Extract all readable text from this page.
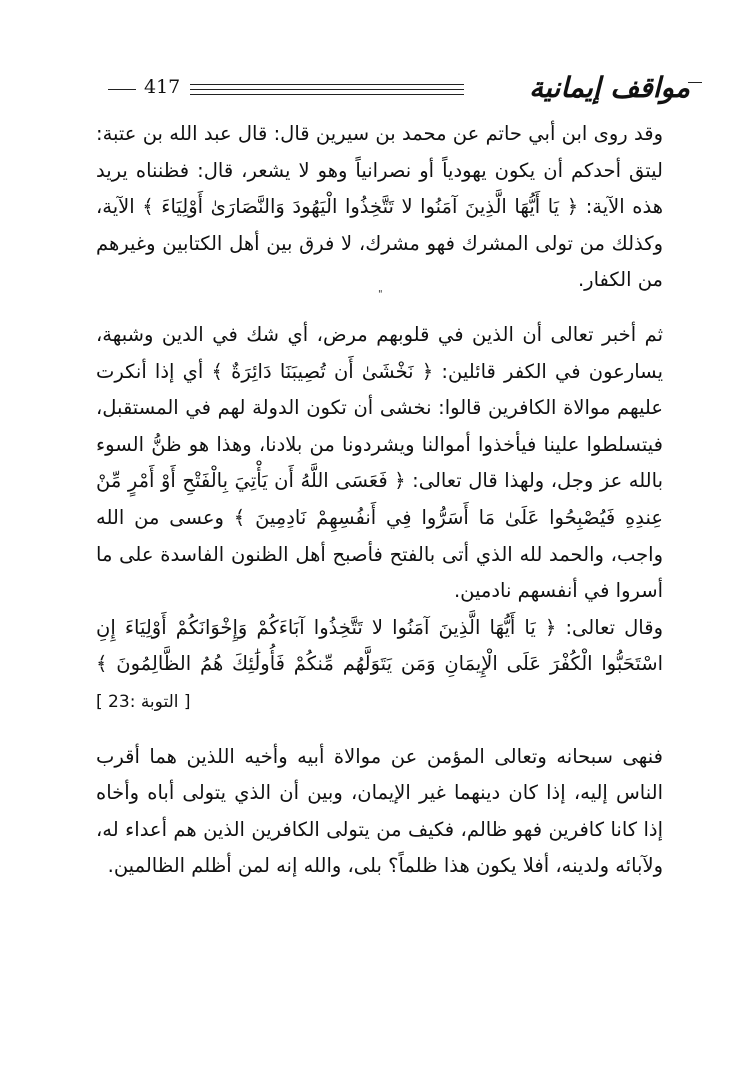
مواقف إيمانية
417

وقد روى ابن أبي حاتم عن محمد بن سيرين قال: قال عبد الله بن عتبة: ليتق أحدكم أن يكون يهودياً أو نصرانياً وهو لا يشعر، قال: فظنناه يريد هذه الآية: ﴿ يَا أَيُّهَا الَّذِينَ آمَنُوا لا تَتَّخِذُوا الْيَهُودَ وَالنَّصَارَىٰ أَوْلِيَاءَ ﴾ الآية، وكذلك من تولى المشرك فهو مشرك، لا فرق بين أهل الكتابين وغيرهم من الكفار.

ثم أخبر تعالى أن الذين في قلوبهم مرض، أي شك في الدين وشبهة، يسارعون في الكفر قائلين: ﴿ نَخْشَىٰ أَن تُصِيبَنَا دَائِرَةٌ ﴾ أي إذا أنكرت عليهم موالاة الكافرين قالوا: نخشى أن تكون الدولة لهم في المستقبل، فيتسلطوا علينا فيأخذوا أموالنا ويشردونا من بلادنا، وهذا هو ظنُّ السوء بالله عز وجل، ولهذا قال تعالى: ﴿ فَعَسَى اللَّهُ أَن يَأْتِيَ بِالْفَتْحِ أَوْ أَمْرٍ مِّنْ عِندِهِ فَيُصْبِحُوا عَلَىٰ مَا أَسَرُّوا فِي أَنفُسِهِمْ نَادِمِينَ ﴾ وعسى من الله واجب، والحمد لله الذي أتى بالفتح فأصبح أهل الظنون الفاسدة على ما أسروا في أنفسهم نادمين.

وقال تعالى: ﴿ يَا أَيُّهَا الَّذِينَ آمَنُوا لا تَتَّخِذُوا آبَاءَكُمْ وَإِخْوَانَكُمْ أَوْلِيَاءَ إِنِ اسْتَحَبُّوا الْكُفْرَ عَلَى الْإِيمَانِ وَمَن يَتَوَلَّهُم مِّنكُمْ فَأُولَٰئِكَ هُمُ الظَّالِمُونَ ﴾ [ التوبة :23 ]

فنهى سبحانه وتعالى المؤمن عن موالاة أبيه وأخيه اللذين هما أقرب الناس إليه، إذا كان دينهما غير الإيمان، وبين أن الذي يتولى أباه وأخاه إذا كانا كافرين فهو ظالم، فكيف من يتولى الكافرين الذين هم أعداء له، ولآبائه ولدينه، أفلا يكون هذا ظلماً؟ بلى، والله إنه لمن أظلم الظالمين.

"
